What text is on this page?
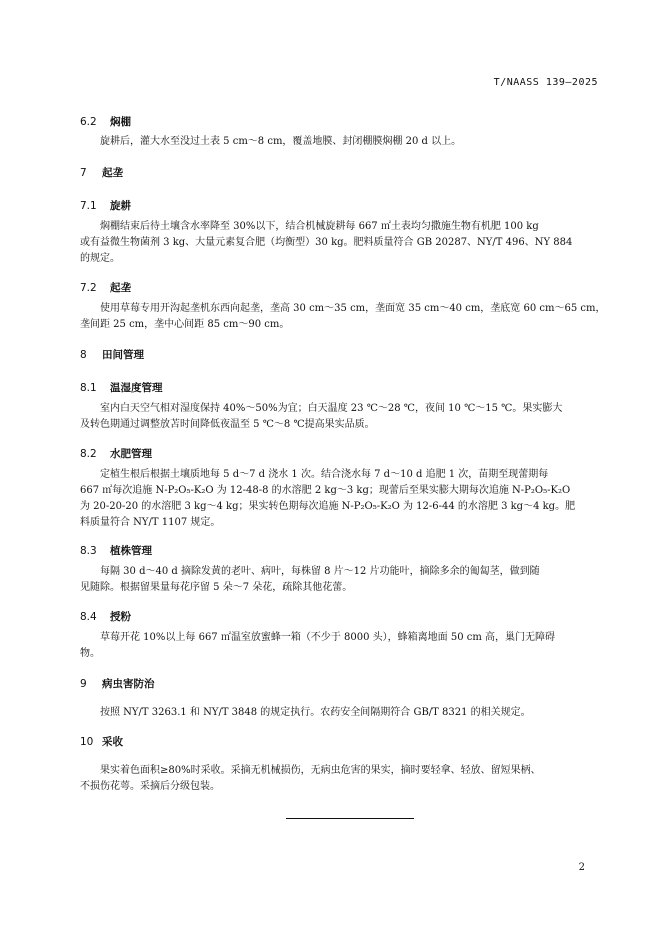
T/NAASS 139—2025
6.2 焖棚
旋耕后，灌大水至没过土表 5 cm～8 cm，覆盖地膜、封闭棚膜焖棚 20 d 以上。
7 起垄
7.1 旋耕
焖棚结束后待土壤含水率降至 30%以下，结合机械旋耕每 667 ㎡土表均匀撒施生物有机肥 100 kg
或有益微生物菌剂 3 kg、大量元素复合肥（均衡型）30 kg。肥料质量符合 GB 20287、NY/T 496、NY 884
的规定。
7.2 起垄
使用草莓专用开沟起垄机东西向起垄，垄高 30 cm～35 cm，垄面宽 35 cm～40 cm，垄底宽 60 cm～65 cm，
垄间距 25 cm，垄中心间距 85 cm～90 cm。
8 田间管理
8.1 温湿度管理
室内白天空气相对湿度保持 40%～50%为宜；白天温度 23 ℃～28 ℃，夜间 10 ℃～15 ℃。果实膨大
及转色期通过调整放苫时间降低夜温至 5 ℃～8 ℃提高果实品质。
8.2 水肥管理
定植生根后根据土壤质地每 5 d～7 d 浇水 1 次。结合浇水每 7 d～10 d 追肥 1 次，苗期至现蕾期每
667 ㎡每次追施 N-P₂O₅-K₂O 为 12-48-8 的水溶肥 2 kg～3 kg；现蕾后至果实膨大期每次追施 N-P₂O₅-K₂O
为 20-20-20 的水溶肥 3 kg～4 kg；果实转色期每次追施 N-P₂O₅-K₂O 为 12-6-44 的水溶肥 3 kg～4 kg。肥
料质量符合 NY/T 1107 规定。
8.3 植株管理
每隔 30 d～40 d 摘除发黄的老叶、病叶，每株留 8 片～12 片功能叶，摘除多余的匍匐茎，做到随
见随除。根据留果量每花序留 5 朵～7 朵花，疏除其他花蕾。
8.4 授粉
草莓开花 10%以上每 667 ㎡温室放蜜蜂一箱（不少于 8000 头），蜂箱离地面 50 cm 高，巢门无障碍
物。
9 病虫害防治
按照 NY/T 3263.1 和 NY/T 3848 的规定执行。农药安全间隔期符合 GB/T 8321 的相关规定。
10 采收
果实着色面积≥80%时采收。采摘无机械损伤，无病虫危害的果实，摘时要轻拿、轻放、留短果柄、
不损伤花萼。采摘后分级包装。
2
